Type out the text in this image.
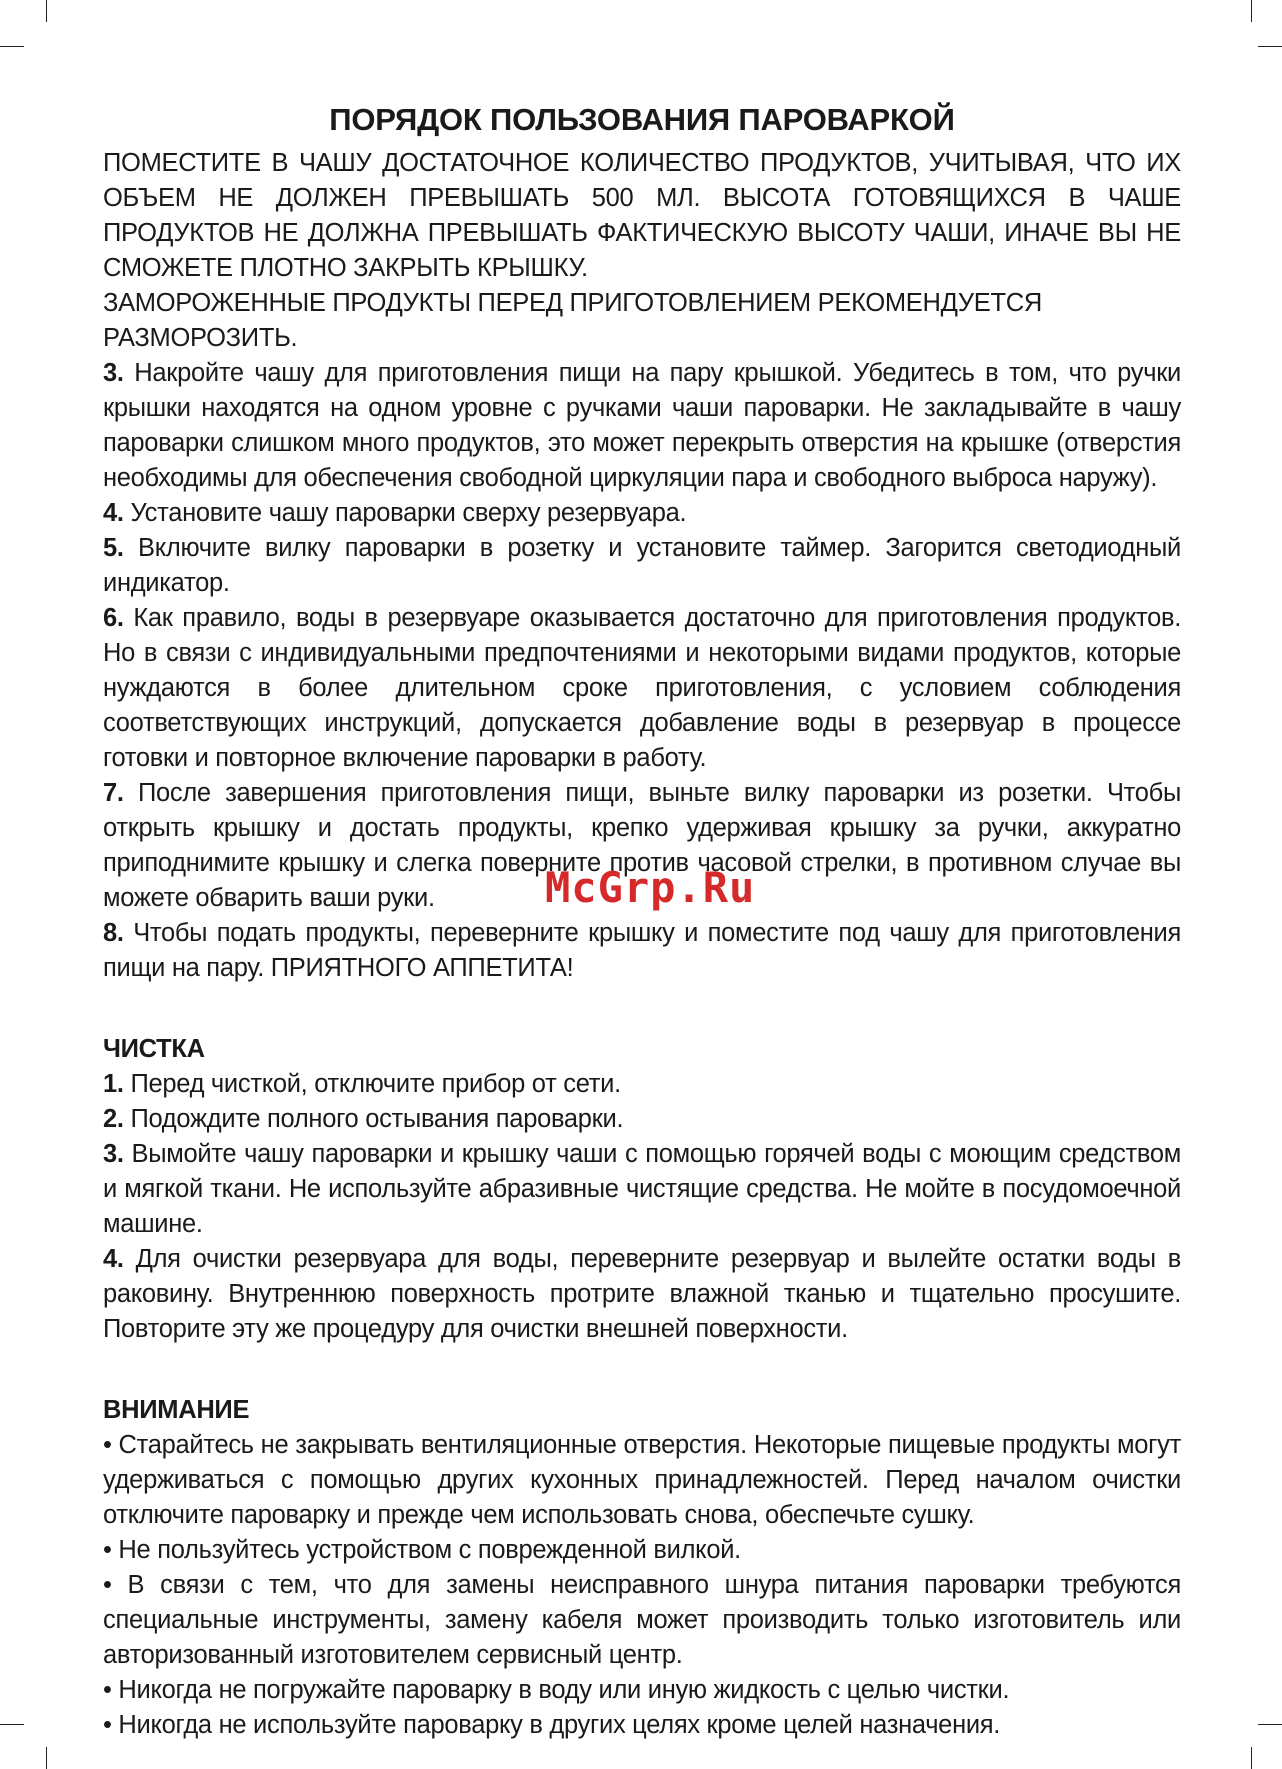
ПОРЯДОК ПОЛЬЗОВАНИЯ ПАРОВАРКОЙ

ПОМЕСТИТЕ В ЧАШУ ДОСТАТОЧНОЕ КОЛИЧЕСТВО ПРОДУКТОВ, УЧИТЫВАЯ, ЧТО ИХ ОБЪЕМ НЕ ДОЛЖЕН ПРЕВЫШАТЬ 500 МЛ. ВЫСОТА ГОТОВЯЩИХСЯ В ЧАШЕ ПРОДУКТОВ НЕ ДОЛЖНА ПРЕВЫШАТЬ ФАКТИЧЕСКУЮ ВЫСОТУ ЧАШИ, ИНАЧЕ ВЫ НЕ СМОЖЕТЕ ПЛОТНО ЗАКРЫТЬ КРЫШКУ.

ЗАМОРОЖЕННЫЕ ПРОДУКТЫ ПЕРЕД ПРИГОТОВЛЕНИЕМ РЕКОМЕНДУЕТСЯ РАЗМОРОЗИТЬ.

3. Накройте чашу для приготовления пищи на пару крышкой. Убедитесь в том, что ручки крышки находятся на одном уровне с ручками чаши пароварки. Не закладывайте в чашу пароварки слишком много продуктов, это может перекрыть отверстия на крышке (отверстия необходимы для обеспечения свободной циркуляции пара и свободного выброса наружу).

4. Установите чашу пароварки сверху резервуара.

5. Включите вилку пароварки в розетку и установите таймер. Загорится светодиодный индикатор.

6. Как правило, воды в резервуаре оказывается достаточно для приготовления продуктов. Но в связи с индивидуальными предпочтениями и некоторыми видами продуктов, которые нуждаются в более длительном сроке приготовления, с условием соблюдения соответствующих инструкций, допускается добавление воды в резервуар в процессе готовки и повторное включение пароварки в работу.

7. После завершения приготовления пищи, выньте вилку пароварки из розетки. Чтобы открыть крышку и достать продукты, крепко удерживая крышку за ручки, аккуратно приподнимите крышку и слегка поверните против часовой стрелки, в противном случае вы можете обварить ваши руки.

8. Чтобы подать продукты, переверните крышку и поместите под чашу для приготовления пищи на пару. ПРИЯТНОГО АППЕТИТА!

ЧИСТКА

1. Перед чисткой, отключите прибор от сети.

2. Подождите полного остывания пароварки.

3. Вымойте чашу пароварки и крышку чаши с помощью горячей воды с моющим средством и мягкой ткани. Не используйте абразивные чистящие средства. Не мойте в посудомоечной машине.

4. Для очистки резервуара для воды, переверните резервуар и вылейте остатки воды в раковину. Внутреннюю поверхность протрите влажной тканью и тщательно просушите. Повторите эту же процедуру для очистки внешней поверхности.

ВНИМАНИЕ

• Старайтесь не закрывать вентиляционные отверстия. Некоторые пищевые продукты могут удерживаться с помощью других кухонных принадлежностей. Перед началом очистки отключите пароварку и прежде чем использовать снова, обеспечьте сушку.

• Не пользуйтесь устройством с поврежденной вилкой.

• В связи с тем, что для замены неисправного шнура питания пароварки требуются специальные инструменты, замену кабеля может производить только изготовитель или авторизованный изготовителем сервисный центр.

• Никогда не погружайте пароварку в воду или иную жидкость с целью чистки.

• Никогда не используйте пароварку в других целях кроме целей назначения.

McGrp.Ru
